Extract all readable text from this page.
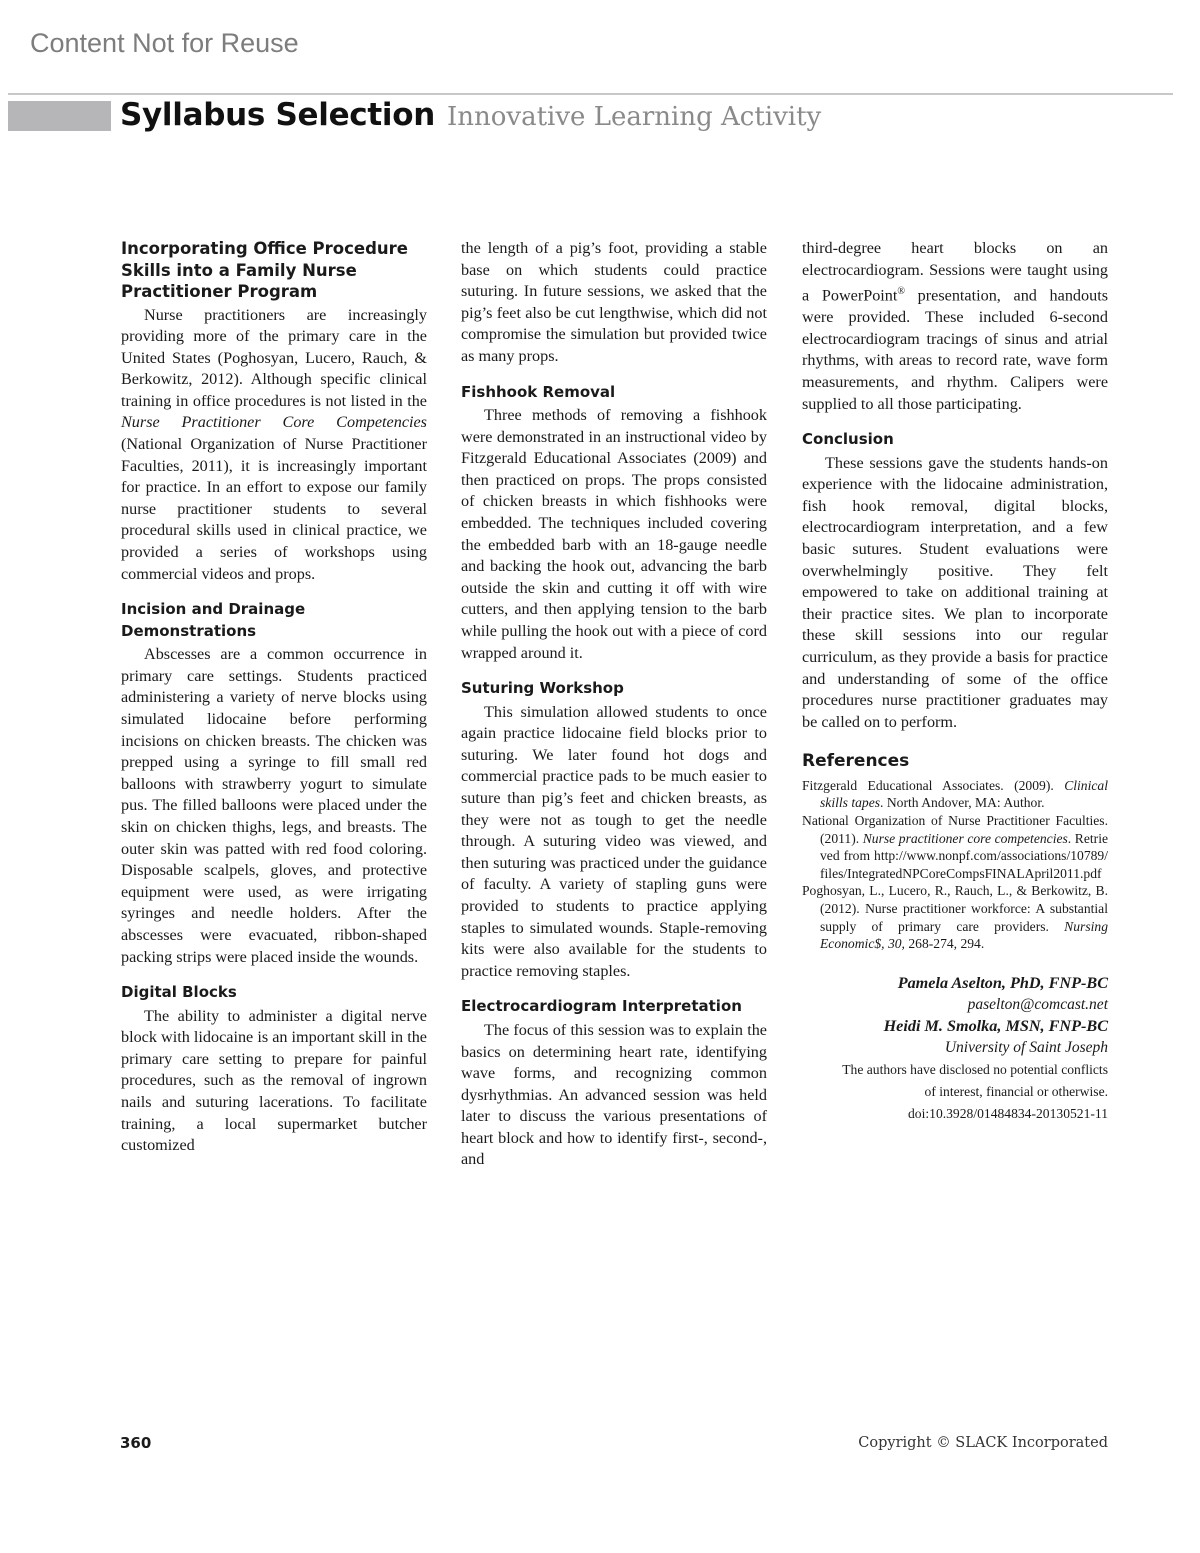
Content Not for Reuse
Syllabus Selection Innovative Learning Activity
Incorporating Office Procedure Skills into a Family Nurse Practitioner Program

Nurse practitioners are increasingly providing more of the primary care in the United States (Poghosyan, Lucero, Rauch, & Berkowitz, 2012). Although specific clinical training in office procedures is not listed in the Nurse Practitioner Core Competencies (National Organization of Nurse Practitioner Faculties, 2011), it is increasingly important for practice. In an effort to expose our family nurse practitioner students to several procedural skills used in clinical practice, we provided a series of workshops using commercial videos and props.

Incision and Drainage Demonstrations

Abscesses are a common occurrence in primary care settings. Students practiced administering a variety of nerve blocks using simulated lidocaine before performing incisions on chicken breasts. The chicken was prepped using a syringe to fill small red balloons with strawberry yogurt to simulate pus. The filled balloons were placed under the skin on chicken thighs, legs, and breasts. The outer skin was patted with red food coloring. Disposable scalpels, gloves, and protective equipment were used, as were irrigating syringes and needle holders. After the abscesses were evacuated, ribbon-shaped packing strips were placed inside the wounds.

Digital Blocks

The ability to administer a digital nerve block with lidocaine is an important skill in the primary care setting to prepare for painful procedures, such as the removal of ingrown nails and suturing lacerations. To facilitate training, a local supermarket butcher customized

the length of a pig’s foot, providing a stable base on which students could practice suturing. In future sessions, we asked that the pig’s feet also be cut lengthwise, which did not compromise the simulation but provided twice as many props.

Fishhook Removal

Three methods of removing a fishhook were demonstrated in an instructional video by Fitzgerald Educational Associates (2009) and then practiced on props. The props consisted of chicken breasts in which fishhooks were embedded. The techniques included covering the embedded barb with an 18-gauge needle and backing the hook out, advancing the barb outside the skin and cutting it off with wire cutters, and then applying tension to the barb while pulling the hook out with a piece of cord wrapped around it.

Suturing Workshop

This simulation allowed students to once again practice lidocaine field blocks prior to suturing. We later found hot dogs and commercial practice pads to be much easier to suture than pig’s feet and chicken breasts, as they were not as tough to get the needle through. A suturing video was viewed, and then suturing was practiced under the guidance of faculty. A variety of stapling guns were provided to students to practice applying staples to simulated wounds. Staple-removing kits were also available for the students to practice removing staples.

Electrocardiogram Interpretation

The focus of this session was to explain the basics on determining heart rate, identifying wave forms, and recognizing common dysrhythmias. An advanced session was held later to discuss the various presentations of heart block and how to identify first-, second-, and

third-degree heart blocks on an electrocardiogram. Sessions were taught using a PowerPoint® presentation, and handouts were provided. These included 6-second electrocardiogram tracings of sinus and atrial rhythms, with areas to record rate, wave form measurements, and rhythm. Calipers were supplied to all those participating.

Conclusion

These sessions gave the students hands-on experience with the lidocaine administration, fish hook removal, digital blocks, electrocardiogram interpretation, and a few basic sutures. Student evaluations were overwhelmingly positive. They felt empowered to take on additional training at their practice sites. We plan to incorporate these skill sessions into our regular curriculum, as they provide a basis for practice and understanding of some of the office procedures nurse practitioner graduates may be called on to perform.

References

Fitzgerald Educational Associates. (2009). Clinical skills tapes. North Andover, MA: Author.

National Organization of Nurse Practitioner Faculties. (2011). Nurse practitioner core competencies. Retrieved from http://www.nonpf.com/associations/10789/files/IntegratedNPCoreCompsFINALApril2011.pdf

Poghosyan, L., Lucero, R., Rauch, L., & Berkowitz, B. (2012). Nurse practitioner workforce: A substantial supply of primary care providers. Nursing Economic$, 30, 268-274, 294.

Pamela Aselton, PhD, FNP-BC
paselton@comcast.net
Heidi M. Smolka, MSN, FNP-BC
University of Saint Joseph
The authors have disclosed no potential conflicts
of interest, financial or otherwise.
doi:10.3928/01484834-20130521-11
360	Copyright © SLACK Incorporated
